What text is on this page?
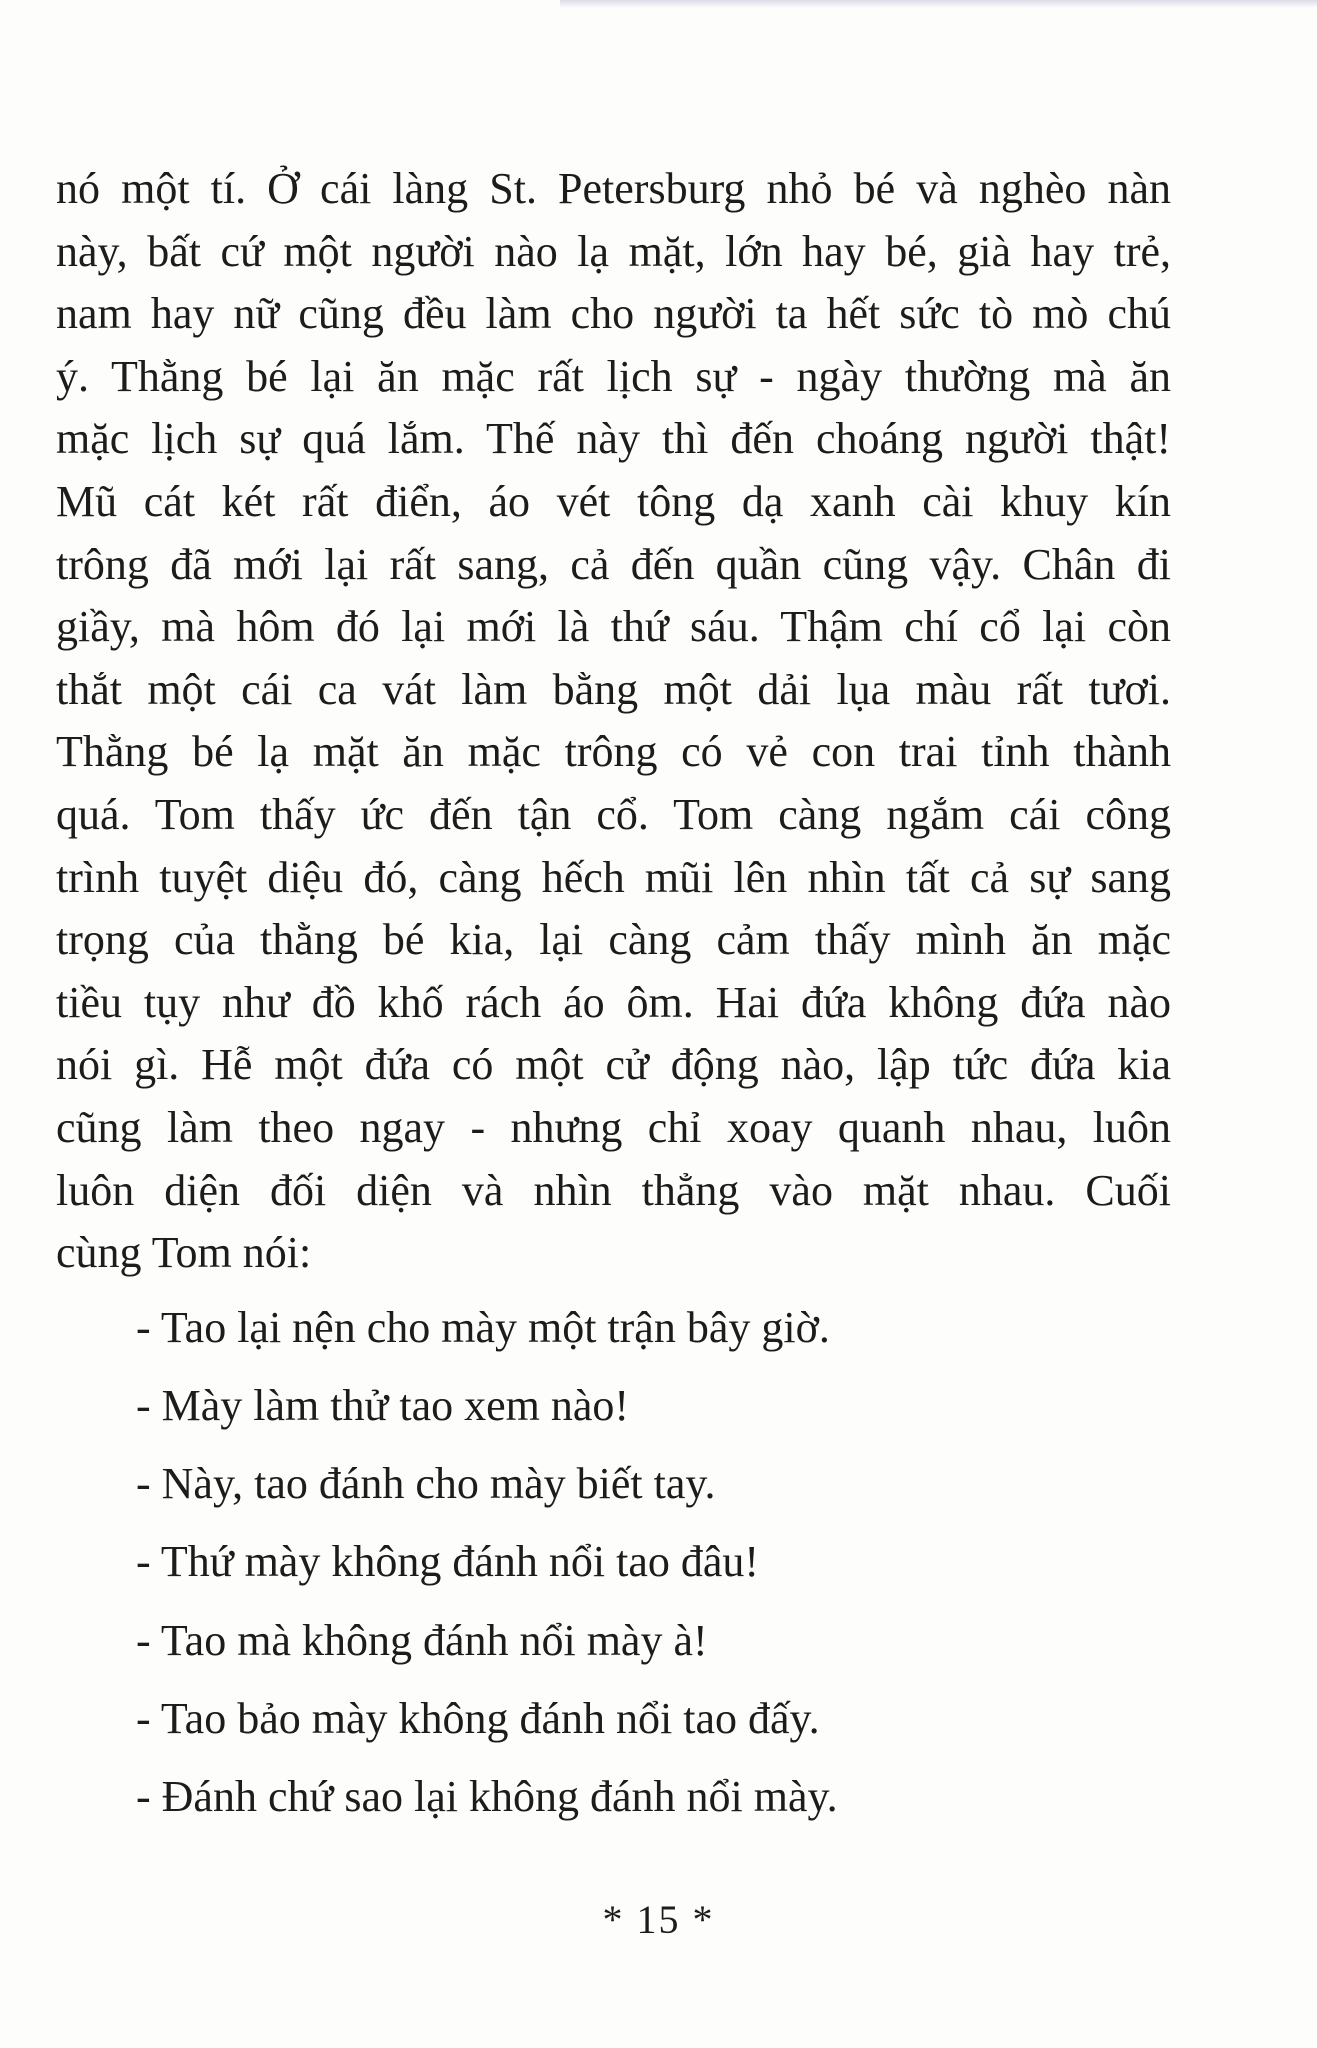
nó một tí. Ở cái làng St. Petersburg nhỏ bé và nghèo nàn
này, bất cứ một người nào lạ mặt, lớn hay bé, già hay trẻ,
nam hay nữ cũng đều làm cho người ta hết sức tò mò chú
ý. Thằng bé lại ăn mặc rất lịch sự - ngày thường mà ăn
mặc lịch sự quá lắm. Thế này thì đến choáng người thật!
Mũ cát két rất điển, áo vét tông dạ xanh cài khuy kín
trông đã mới lại rất sang, cả đến quần cũng vậy. Chân đi
giầy, mà hôm đó lại mới là thứ sáu. Thậm chí cổ lại còn
thắt một cái ca vát làm bằng một dải lụa màu rất tươi.
Thằng bé lạ mặt ăn mặc trông có vẻ con trai tỉnh thành
quá. Tom thấy ức đến tận cổ. Tom càng ngắm cái công
trình tuyệt diệu đó, càng hếch mũi lên nhìn tất cả sự sang
trọng của thằng bé kia, lại càng cảm thấy mình ăn mặc
tiều tụy như đồ khố rách áo ôm. Hai đứa không đứa nào
nói gì. Hễ một đứa có một cử động nào, lập tức đứa kia
cũng làm theo ngay - nhưng chỉ xoay quanh nhau, luôn
luôn diện đối diện và nhìn thẳng vào mặt nhau. Cuối
cùng Tom nói:

- Tao lại nện cho mày một trận bây giờ.
- Mày làm thử tao xem nào!
- Này, tao đánh cho mày biết tay.
- Thứ mày không đánh nổi tao đâu!
- Tao mà không đánh nổi mày à!
- Tao bảo mày không đánh nổi tao đấy.
- Đánh chứ sao lại không đánh nổi mày.
* 15 *
